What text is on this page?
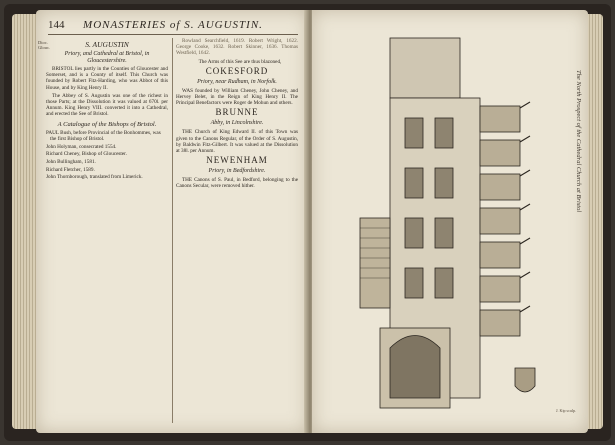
144	MONASTERIES of S. AUGUSTIN.
Dioc. Glouc.	S. AUGUSTIN
Priory, and Cathedral at Bristol, in Gloucestershire.
BRISTOL lies partly in the Counties of Gloucester and Somerset, and is a County of itself. This Church was founded by Robert Fitz-Harding, who was Abbot of this House, and by King Henry II.
The Abbey of S. Augustin was one of the richest in those Parts; at the Dissolution it was valued at 670l. per Annum. King Henry VIII. converted it into a Cathedral, and erected the See of Bristol.
A Catalogue of the Bishops of Bristol.
PAUL Bush, before Provincial of the Bonhommes, was the first Bishop of Bristol.
John Holyman, consecrated 1554.
Richard Cheney, Bishop of Gloucester.
John Bullingham, 1581.
Richard Fletcher, 1589.
John Thornborough, translated from Limerick.
Rowland Searchfield, 1619. Robert Wright, 1622. George Cooke, 1632. Robert Skinner, 1636. Thomas Westfield, 1642.
The Arms of this See are thus blazoned,
COKESFORD
Priory, near Rudham, in Norfolk.
WAS founded by William Cheney, John Cheney, and Hervey Belet, in the Reign of King Henry II. The Principal Benefactors were Roger de Mohun and others.
BRUNNE
Abby, in Lincolnshire.
THE Church of King Edward II. of this Town was given to the Canons Regular, of the Order of S. Augustin, by Baldwin Fitz-Gilbert. It was valued at the Dissolution at 38l. per Annum.
NEWENHAM
Priory, in Bedfordshire.
THE Canons of S. Paul, in Bedford, belonging to the Canons Secular, were removed hither.	The North Prospect of the Cathedral Church at Bristol
J. Kip sculp.
